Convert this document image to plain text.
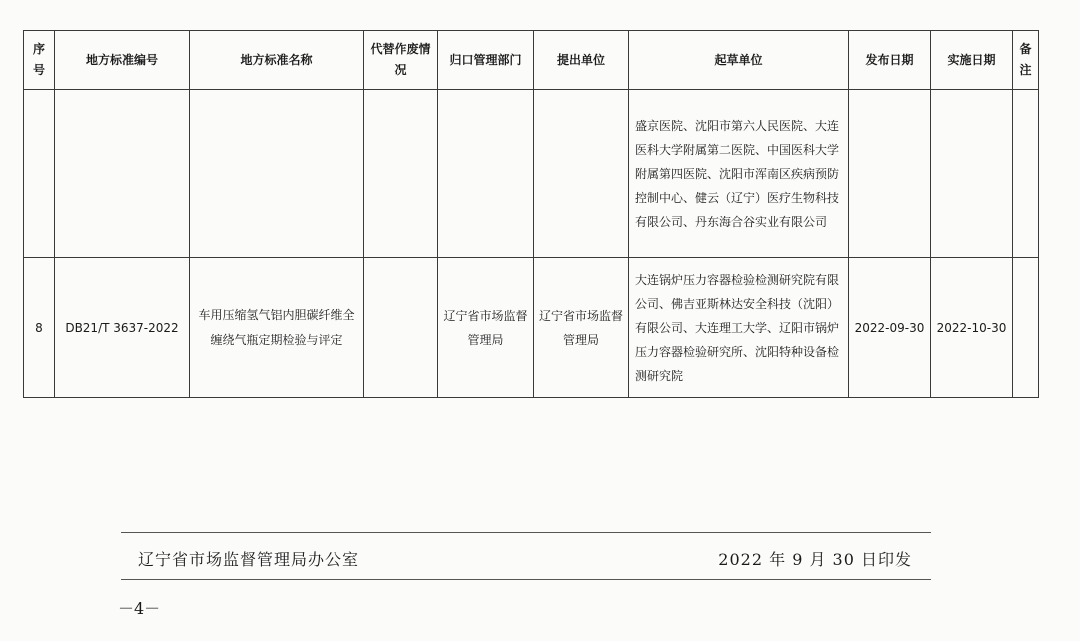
序号	地方标准编号	地方标准名称	代替作废情况	归口管理部门	提出单位	起草单位	发布日期	实施日期	备注
						盛京医院、沈阳市第六人民医院、大连医科大学附属第二医院、中国医科大学附属第四医院、沈阳市浑南区疾病预防控制中心、健云（辽宁）医疗生物科技有限公司、丹东海合谷实业有限公司			
8	DB21/T 3637-2022	车用压缩氢气铝内胆碳纤维全缠绕气瓶定期检验与评定		辽宁省市场监督管理局	辽宁省市场监督管理局	大连锅炉压力容器检验检测研究院有限公司、佛吉亚斯林达安全科技（沈阳）有限公司、大连理工大学、辽阳市锅炉压力容器检验研究所、沈阳特种设备检测研究院	2022-09-30	2022-10-30	
辽宁省市场监督管理局办公室	2022 年 9 月 30 日印发
－4－
